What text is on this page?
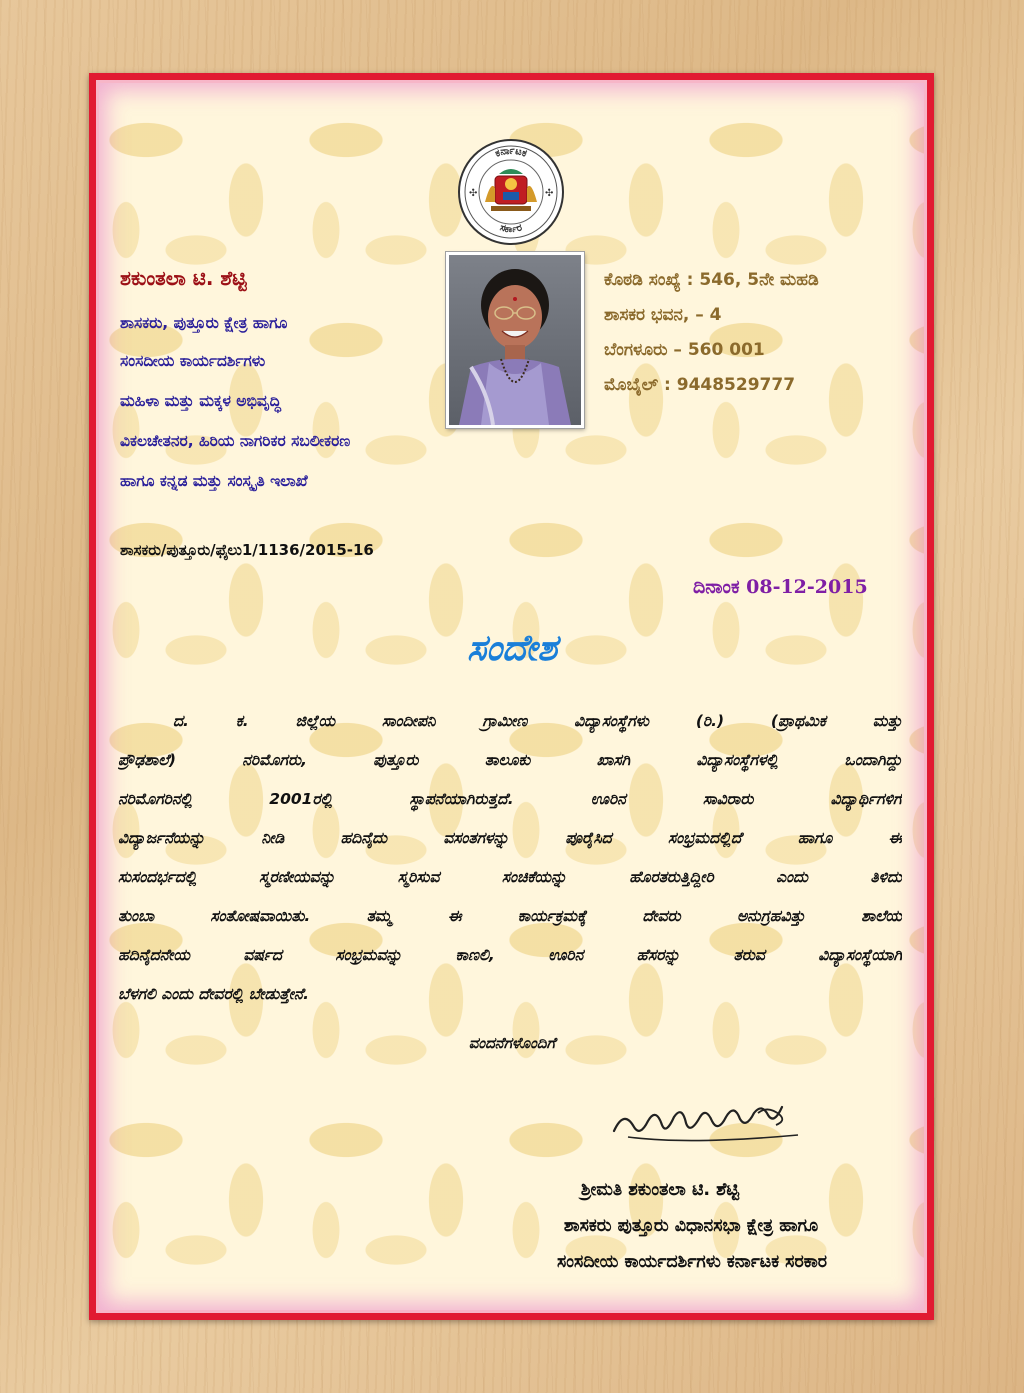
ಕರ್ನಾಟಕ
ಸರ್ಕಾರ
✣	✣
ಶಕುಂತಲಾ ಟಿ. ಶೆಟ್ಟಿ
ಶಾಸಕರು, ಪುತ್ತೂರು ಕ್ಷೇತ್ರ ಹಾಗೂ
ಸಂಸದೀಯ ಕಾರ್ಯದರ್ಶಿಗಳು
ಮಹಿಳಾ ಮತ್ತು ಮಕ್ಕಳ ಅಭಿವೃದ್ಧಿ
ವಿಕಲಚೇತನರ, ಹಿರಿಯ ನಾಗರಿಕರ ಸಬಲೀಕರಣ
ಹಾಗೂ ಕನ್ನಡ ಮತ್ತು ಸಂಸ್ಕೃತಿ ಇಲಾಖೆ
ಕೊಠಡಿ ಸಂಖ್ಯೆ : 546, 5ನೇ ಮಹಡಿ
ಶಾಸಕರ ಭವನ, – 4
ಬೆಂಗಳೂರು – 560 001
ಮೊಬೈಲ್ : 9448529777
ಶಾಸಕರು/ಪುತ್ತೂರು/ಫೈಲು1/1136/2015-16
ದಿನಾಂಕ 08-12-2015
ಸಂದೇಶ
ದ. ಕ. ಜಿಲ್ಲೆಯ ಸಾಂದೀಪನಿ ಗ್ರಾಮೀಣ ವಿದ್ಯಾಸಂಸ್ಥೆಗಳು (ರಿ.) (ಪ್ರಾಥಮಿಕ ಮತ್ತು
ಪ್ರೌಢಶಾಲೆ) ನರಿಮೊಗರು, ಪುತ್ತೂರು ತಾಲೂಕು ಖಾಸಗಿ ವಿದ್ಯಾಸಂಸ್ಥೆಗಳಲ್ಲಿ ಒಂದಾಗಿದ್ದು
ನರಿಮೊಗರಿನಲ್ಲಿ 2001ರಲ್ಲಿ ಸ್ಥಾಪನೆಯಾಗಿರುತ್ತದೆ. ಊರಿನ ಸಾವಿರಾರು ವಿದ್ಯಾರ್ಥಿಗಳಿಗೆ
ವಿದ್ಯಾರ್ಜನೆಯನ್ನು ನೀಡಿ ಹದಿನೈದು ವಸಂತಗಳನ್ನು ಪೂರೈಸಿದ ಸಂಭ್ರಮದಲ್ಲಿದೆ ಹಾಗೂ ಈ
ಸುಸಂದರ್ಭದಲ್ಲಿ ಸ್ಮರಣೀಯವನ್ನು ಸ್ಮರಿಸುವ ಸಂಚಿಕೆಯನ್ನು ಹೊರತರುತ್ತಿದ್ದೀರಿ ಎಂದು ತಿಳಿದು
ತುಂಬಾ ಸಂತೋಷವಾಯಿತು. ತಮ್ಮ ಈ ಕಾರ್ಯಕ್ರಮಕ್ಕೆ ದೇವರು ಅನುಗ್ರಹವಿತ್ತು ಶಾಲೆಯ
ಹದಿನೈದನೇಯ ವರ್ಷದ ಸಂಭ್ರಮವನ್ನು ಕಾಣಲಿ, ಊರಿನ ಹೆಸರನ್ನು ತರುವ ವಿದ್ಯಾಸಂಸ್ಥೆಯಾಗಿ
ಬೆಳಗಲಿ ಎಂದು ದೇವರಲ್ಲಿ ಬೇಡುತ್ತೇನೆ.
ವಂದನೆಗಳೊಂದಿಗೆ
ಶ್ರೀಮತಿ ಶಕುಂತಲಾ ಟಿ. ಶೆಟ್ಟಿ
ಶಾಸಕರು ಪುತ್ತೂರು ವಿಧಾನಸಭಾ ಕ್ಷೇತ್ರ ಹಾಗೂ
ಸಂಸದೀಯ ಕಾರ್ಯದರ್ಶಿಗಳು ಕರ್ನಾಟಕ ಸರಕಾರ
